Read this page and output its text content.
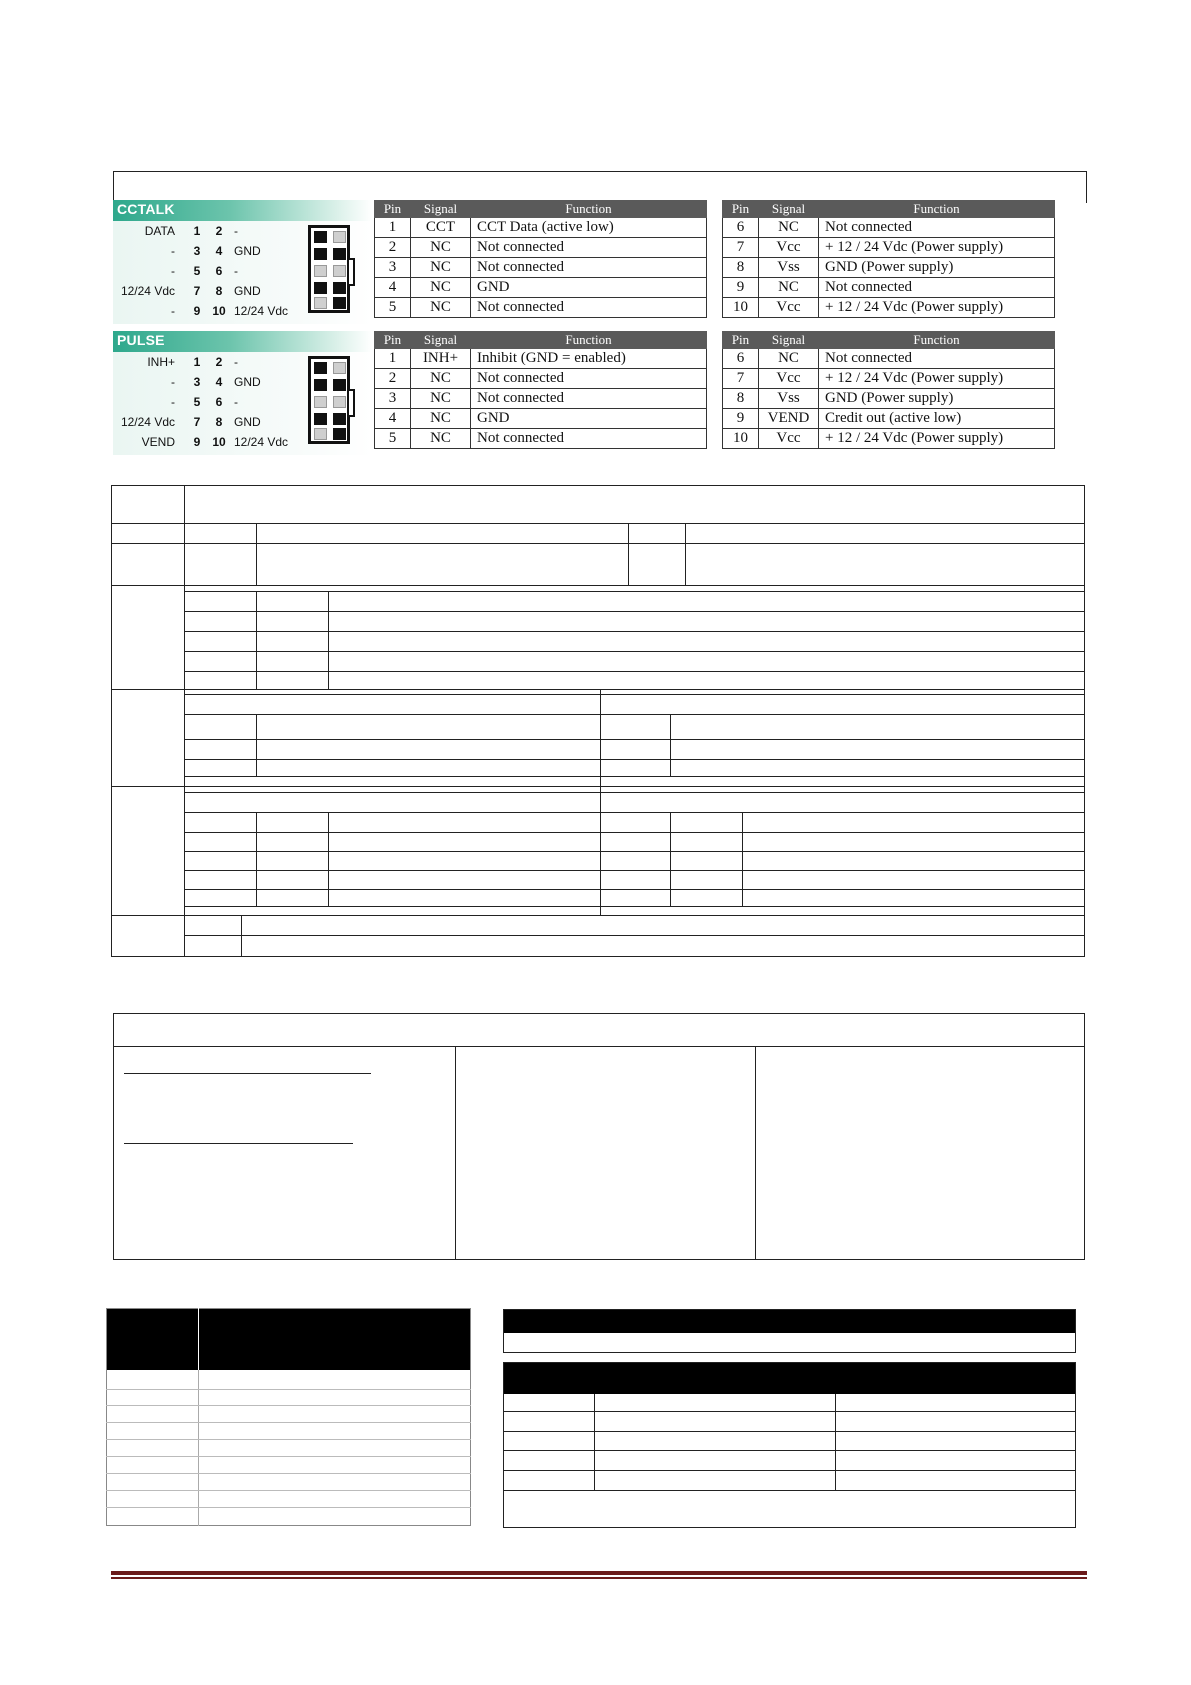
CCTALK
DATA	1	2 -
-	3	4 GND
-	5	6 -
12/24 Vdc	7	8 GND
-	9 10 12/24 Vdc
Pin	Signal	Function
1	CCT	CCT Data (active low)
2	NC	Not connected
3	NC	Not connected
4	NC	GND
5	NC	Not connected
Pin	Signal	Function
6	NC	Not connected
7	Vcc	+ 12 / 24 Vdc (Power supply)
8	Vss	GND (Power supply)
9	NC	Not connected
10	Vcc	+ 12 / 24 Vdc (Power supply)
PULSE
INH+	1	2 -
-	3	4 GND
-	5	6 -
12/24 Vdc	7	8 GND
VEND	9 10 12/24 Vdc
Pin	Signal	Function
1	INH+	Inhibit (GND = enabled)
2	NC	Not connected
3	NC	Not connected
4	NC	GND
5	NC	Not connected
Pin	Signal	Function
6	NC	Not connected
7	Vcc	+ 12 / 24 Vdc (Power supply)
8	Vss	GND (Power supply)
9	VEND	Credit out (active low)
10	Vcc	+ 12 / 24 Vdc (Power supply)
